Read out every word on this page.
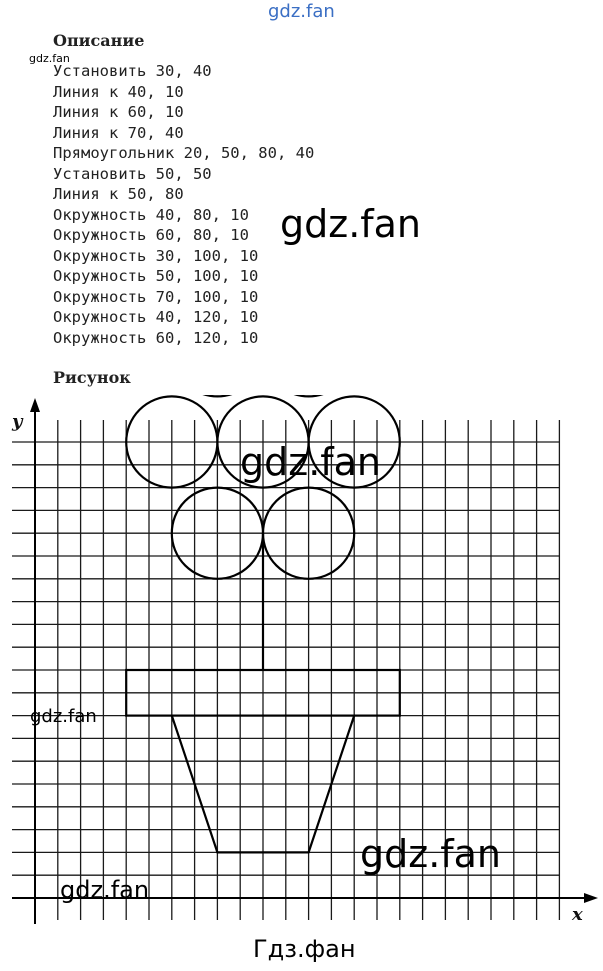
gdz.fan
Описание
gdz.fan
Установить 30, 40
Линия к 40, 10
Линия к 60, 10
Линия к 70, 40
Прямоугольник 20, 50, 80, 40
Установить 50, 50
Линия к 50, 80
Окружность 40, 80, 10
Окружность 60, 80, 10
Окружность 30, 100, 10
Окружность 50, 100, 10
Окружность 70, 100, 10
Окружность 40, 120, 10
Окружность 60, 120, 10
Рисунок
x
y
gdz.fan
gdz.fan
gdz.fan
gdz.fan
gdz.fan
Гдз.фан
